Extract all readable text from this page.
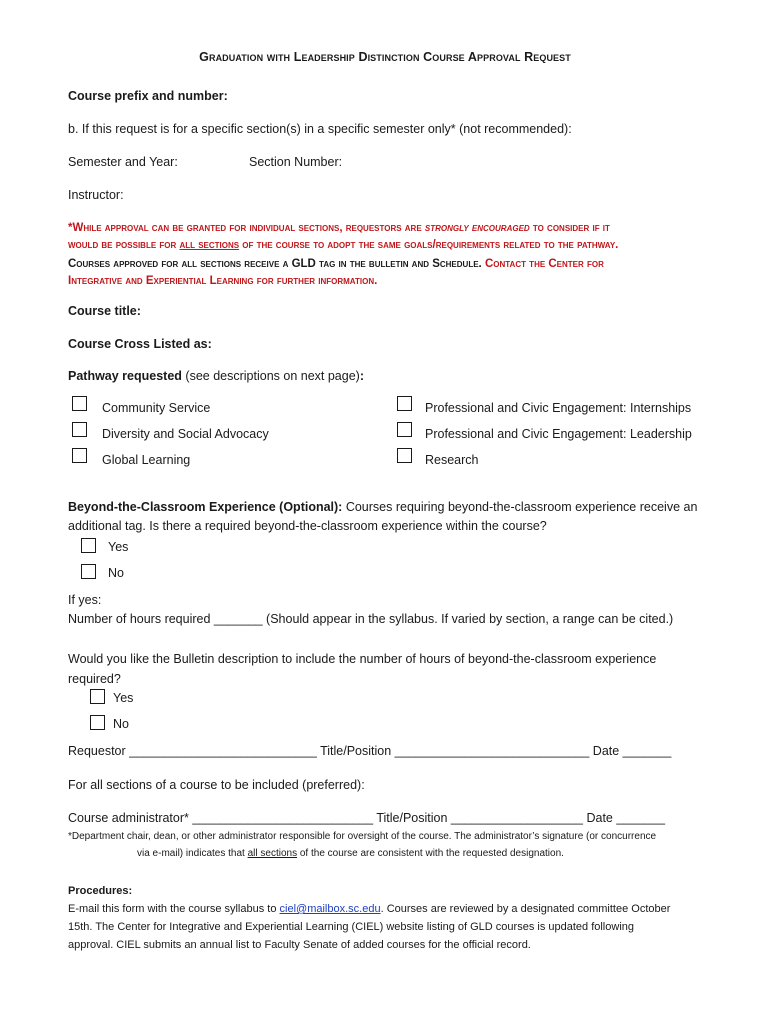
Graduation with Leadership Distinction Course Approval Request
Course prefix and number:
b. If this request is for a specific section(s) in a specific semester only* (not recommended):
Semester and Year:	Section Number:
Instructor:
*While approval can be granted for individual sections, requestors are strongly encouraged to consider if it
would be possible for all sections of the course to adopt the same goals/requirements related to the pathway.
Courses approved for all sections receive a GLD tag in the bulletin and Schedule. Contact the Center for
Integrative and Experiential Learning for further information.
Course title:
Course Cross Listed as:
Pathway requested (see descriptions on next page):
Community Service
Diversity and Social Advocacy
Global Learning
Professional and Civic Engagement: Internships
Professional and Civic Engagement: Leadership
Research
Beyond-the-Classroom Experience (Optional): Courses requiring beyond-the-classroom experience receive an
additional tag. Is there a required beyond-the-classroom experience within the course?
Yes
No
If yes:
Number of hours required _______ (Should appear in the syllabus. If varied by section, a range can be cited.)
Would you like the Bulletin description to include the number of hours of beyond-the-classroom experience
required?
Yes
No
Requestor ___________________________ Title/Position ____________________________ Date _______
For all sections of a course to be included (preferred):
Course administrator* __________________________ Title/Position ___________________ Date _______
*Department chair, dean, or other administrator responsible for oversight of the course. The administrator’s signature (or concurrence
via e-mail) indicates that all sections of the course are consistent with the requested designation.
Procedures:
E-mail this form with the course syllabus to ciel@mailbox.sc.edu. Courses are reviewed by a designated committee October
15th. The Center for Integrative and Experiential Learning (CIEL) website listing of GLD courses is updated following
approval. CIEL submits an annual list to Faculty Senate of added courses for the official record.
